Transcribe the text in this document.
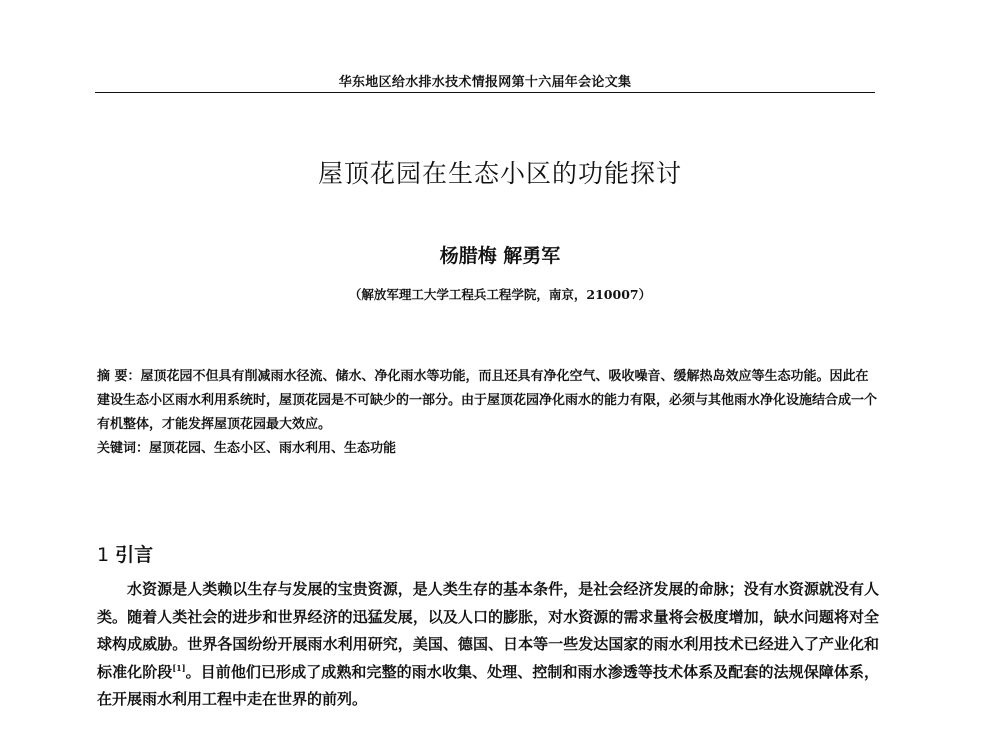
华东地区给水排水技术情报网第十六届年会论文集
屋顶花园在生态小区的功能探讨
杨腊梅 解勇军
（解放军理工大学工程兵工程学院，南京，210007）

摘 要：屋顶花园不但具有削减雨水径流、储水、净化雨水等功能，而且还具有净化空气、吸收噪音、缓解热岛效应等生态功能。因此在建设生态小区雨水利用系统时，屋顶花园是不可缺少的一部分。由于屋顶花园净化雨水的能力有限，必须与其他雨水净化设施结合成一个有机整体，才能发挥屋顶花园最大效应。

关键词：屋顶花园、生态小区、雨水利用、生态功能

1 引言

水资源是人类赖以生存与发展的宝贵资源，是人类生存的基本条件，是社会经济发展的命脉；没有水资源就没有人类。随着人类社会的进步和世界经济的迅猛发展，以及人口的膨胀，对水资源的需求量将会极度增加，缺水问题将对全球构成威胁。世界各国纷纷开展雨水利用研究，美国、德国、日本等一些发达国家的雨水利用技术已经进入了产业化和标准化阶段[1]。目前他们已形成了成熟和完整的雨水收集、处理、控制和雨水渗透等技术体系及配套的法规保障体系，在开展雨水利用工程中走在世界的前列。
